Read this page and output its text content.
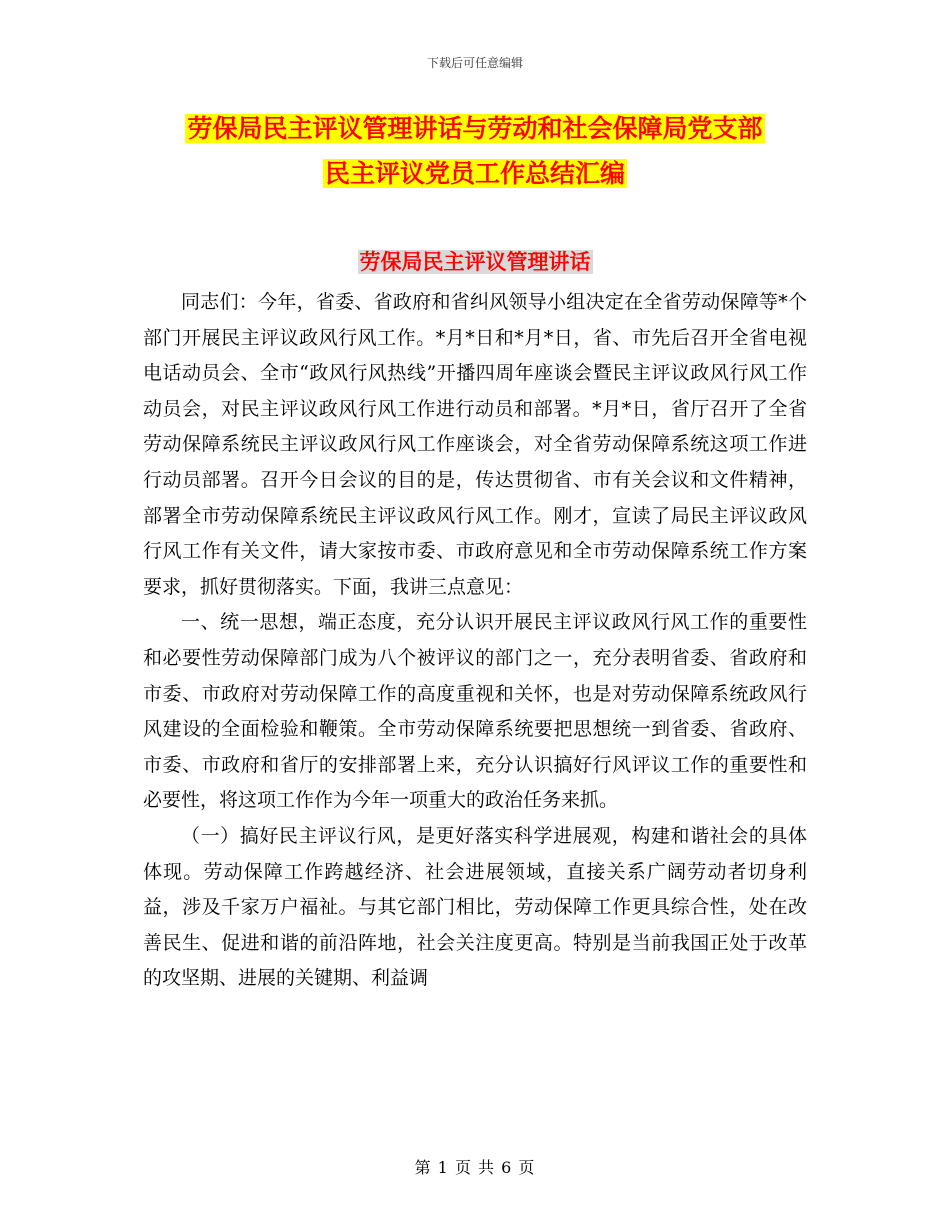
下载后可任意编辑
劳保局民主评议管理讲话与劳动和社会保障局党支部
民主评议党员工作总结汇编
劳保局民主评议管理讲话

同志们：今年，省委、省政府和省纠风领导小组决定在全省劳动保障等*个部门开展民主评议政风行风工作。*月*日和*月*日，省、市先后召开全省电视电话动员会、全市“政风行风热线”开播四周年座谈会暨民主评议政风行风工作动员会，对民主评议政风行风工作进行动员和部署。*月*日，省厅召开了全省劳动保障系统民主评议政风行风工作座谈会，对全省劳动保障系统这项工作进行动员部署。召开今日会议的目的是，传达贯彻省、市有关会议和文件精神，部署全市劳动保障系统民主评议政风行风工作。刚才，宣读了局民主评议政风行风工作有关文件，请大家按市委、市政府意见和全市劳动保障系统工作方案要求，抓好贯彻落实。下面，我讲三点意见：

一、统一思想，端正态度，充分认识开展民主评议政风行风工作的重要性和必要性劳动保障部门成为八个被评议的部门之一，充分表明省委、省政府和市委、市政府对劳动保障工作的高度重视和关怀，也是对劳动保障系统政风行风建设的全面检验和鞭策。全市劳动保障系统要把思想统一到省委、省政府、市委、市政府和省厅的安排部署上来，充分认识搞好行风评议工作的重要性和必要性，将这项工作作为今年一项重大的政治任务来抓。

（一）搞好民主评议行风，是更好落实科学进展观，构建和谐社会的具体体现。劳动保障工作跨越经济、社会进展领域，直接关系广阔劳动者切身利益，涉及千家万户福祉。与其它部门相比，劳动保障工作更具综合性，处在改善民生、促进和谐的前沿阵地，社会关注度更高。特别是当前我国正处于改革的攻坚期、进展的关键期、利益调

第 1 页 共 6 页
